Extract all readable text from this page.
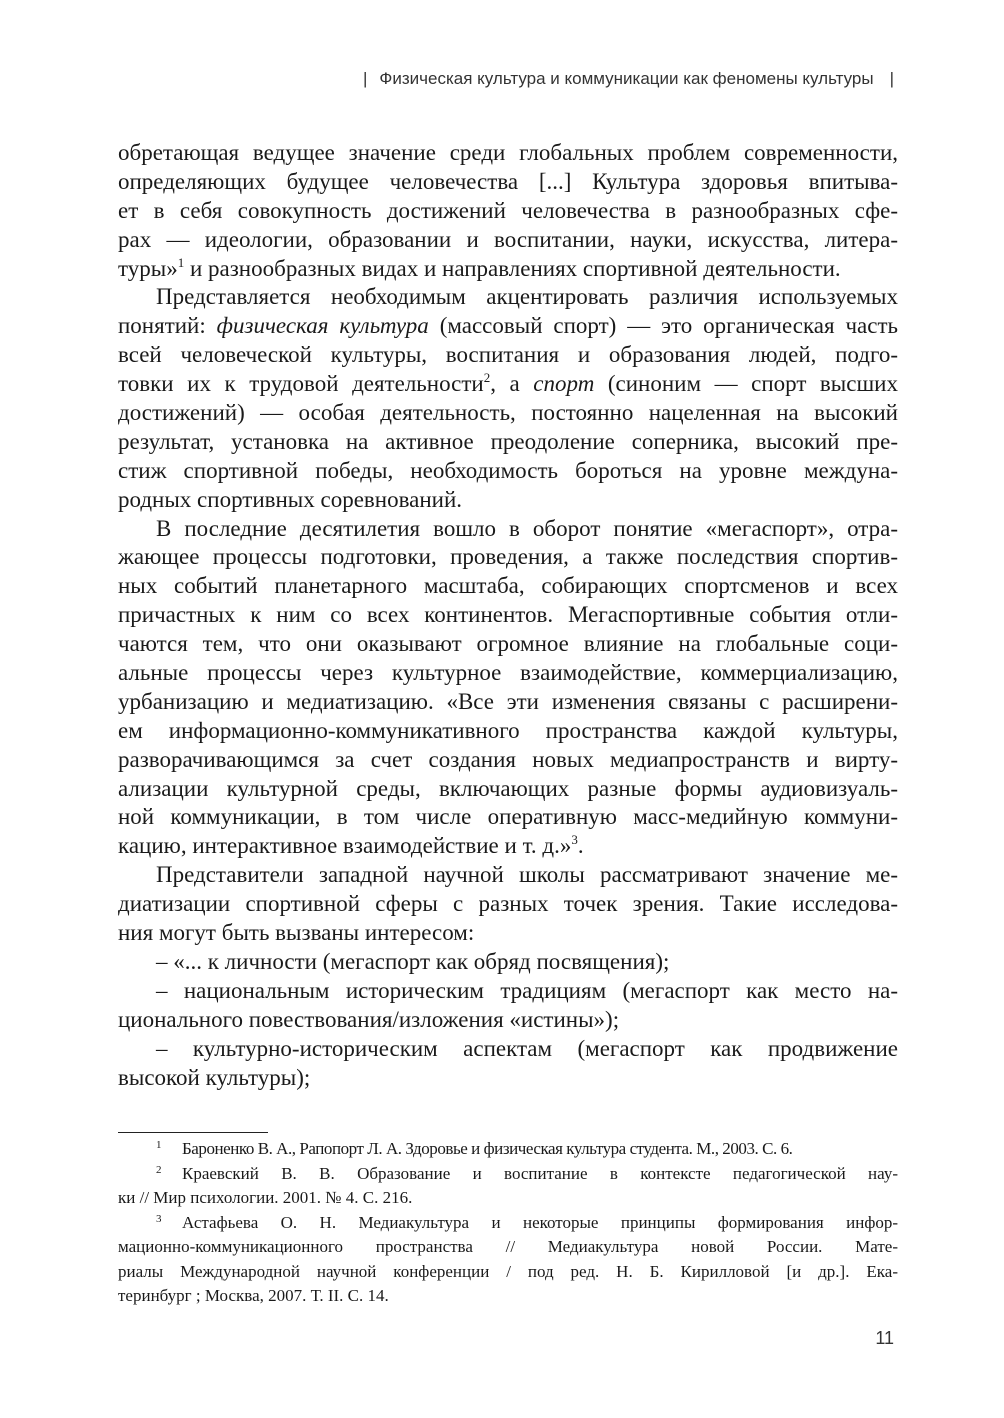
| Физическая культура и коммуникации как феномены культуры |
обретающая ведущее значение среди глобальных проблем современности,
определяющих будущее человечества [...] Культура здоровья впитыва-
ет в себя совокупность достижений человечества в разнообразных сфе-
рах — идеологии, образовании и воспитании, науки, искусства, литера-
туры»$^1$ и разнообразных видах и направлениях спортивной деятельности.
Представляется необходимым акцентировать различия используемых
понятий: физическая культура (массовый спорт) — это органическая часть
всей человеческой культуры, воспитания и образования людей, подго-
товки их к трудовой деятельности$^2$, а спорт (синоним — спорт высших
достижений) — особая деятельность, постоянно нацеленная на высокий
результат, установка на активное преодоление соперника, высокий пре-
стиж спортивной победы, необходимость бороться на уровне междуна-
родных спортивных соревнований.
В последние десятилетия вошло в оборот понятие «мегаспорт», отра-
жающее процессы подготовки, проведения, а также последствия спортив-
ных событий планетарного масштаба, собирающих спортсменов и всех
причастных к ним со всех континентов. Мегаспортивные события отли-
чаются тем, что они оказывают огромное влияние на глобальные соци-
альные процессы через культурное взаимодействие, коммерциализацию,
урбанизацию и медиатизацию. «Все эти изменения связаны с расширени-
ем информационно-коммуникативного пространства каждой культуры,
разворачивающимся за счет создания новых медиапространств и вирту-
ализации культурной среды, включающих разные формы аудиовизуаль-
ной коммуникации, в том числе оперативную масс-медийную коммуни-
кацию, интерактивное взаимодействие и т. д.»$^3$.
Представители западной научной школы рассматривают значение ме-
диатизации спортивной сферы с разных точек зрения. Такие исследова-
ния могут быть вызваны интересом:
– «... к личности (мегаспорт как обряд посвящения);
– национальным историческим традициям (мегаспорт как место на-
ционального повествования/изложения «истины»);
– культурно-историческим аспектам (мегаспорт как продвижение
высокой культуры);
1 Бароненко В. А., Рапопорт Л. А. Здоровье и физическая культура студента. М., 2003. С. 6.
2 Краевский В. В. Образование и воспитание в контексте педагогической нау-
ки // Мир психологии. 2001. № 4. С. 216.
3 Астафьева О. Н. Медиакультура и некоторые принципы формирования инфор-
мационно-коммуникационного пространства // Медиакультура новой России. Мате-
риалы Международной научной конференции / под ред. Н. Б. Кирилловой [и др.]. Ека-
теринбург ; Москва, 2007. Т. II. С. 14.
11
